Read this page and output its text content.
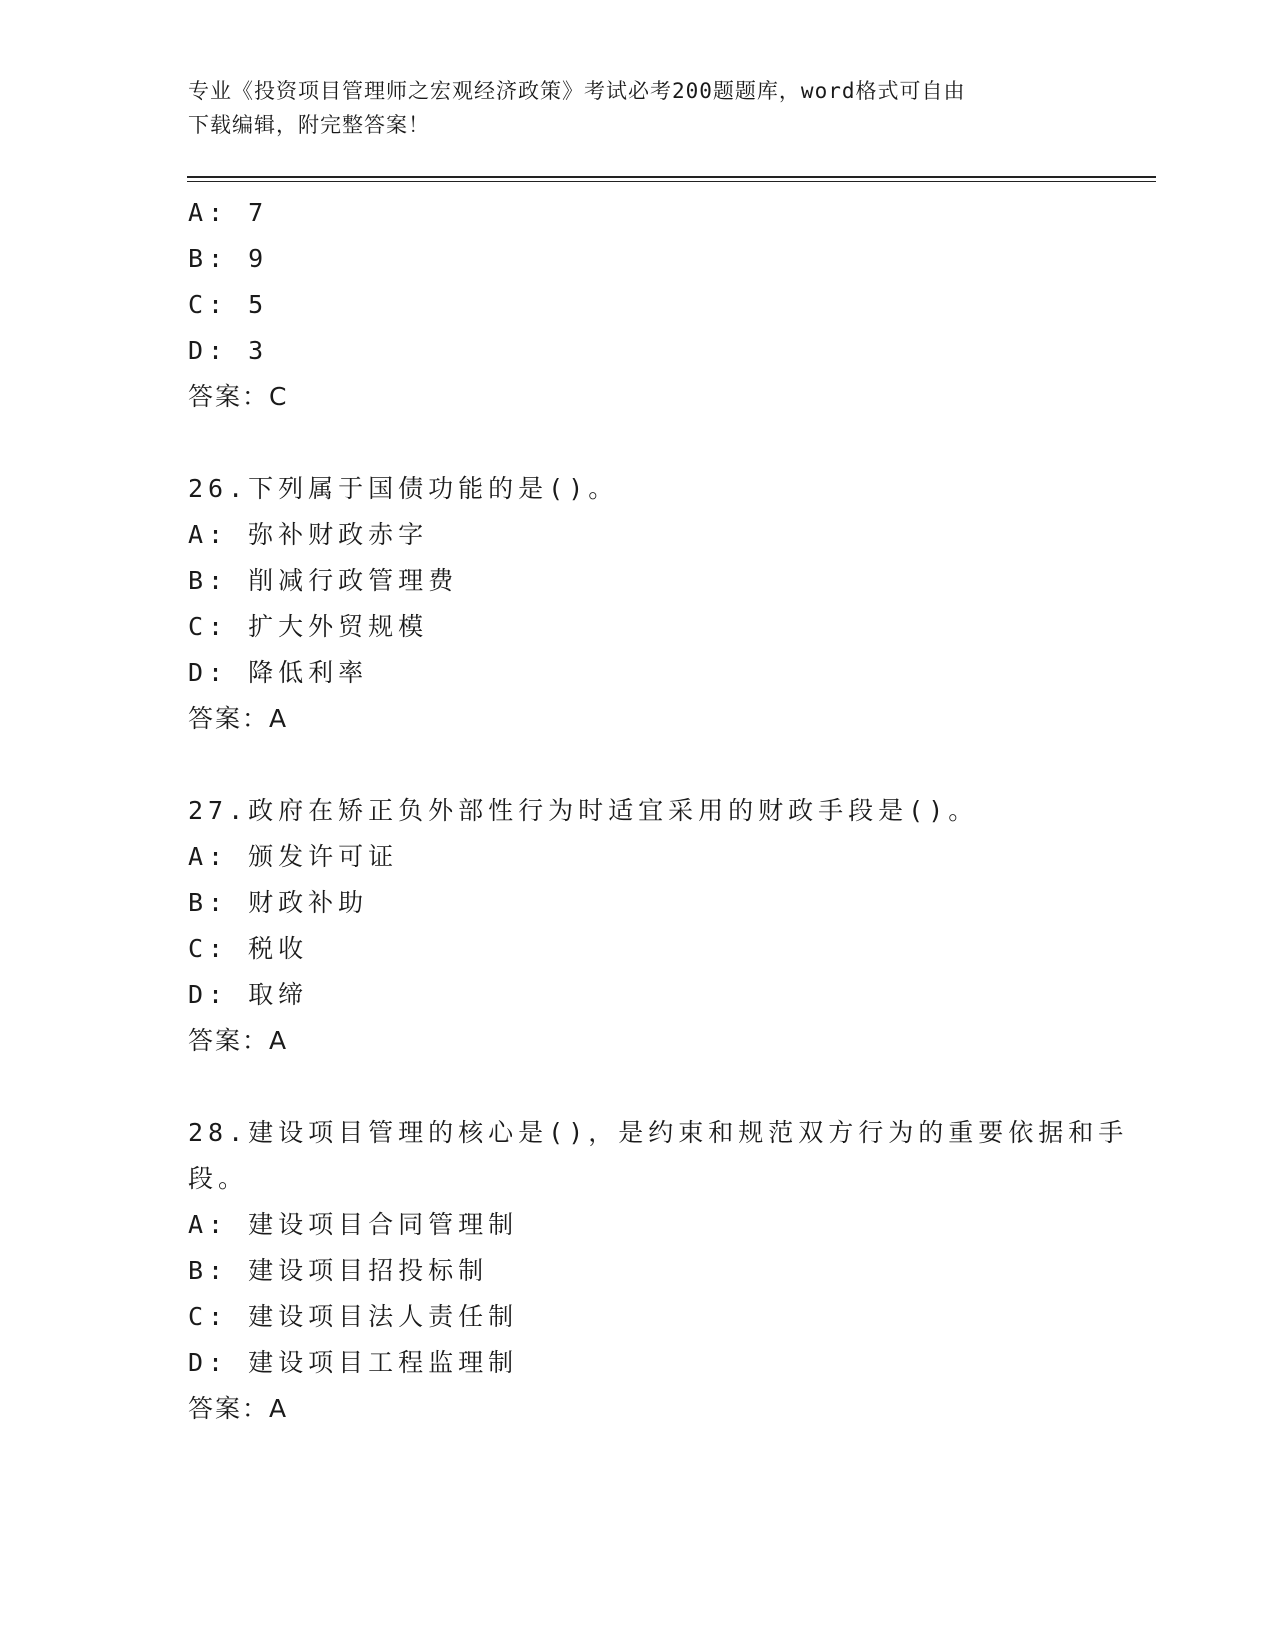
专业《投资项目管理师之宏观经济政策》考试必考200题题库，word格式可自由
下载编辑，附完整答案！
A: 7
B: 9
C: 5
D: 3
答案：C
26.下列属于国债功能的是()。
A: 弥补财政赤字
B: 削减行政管理费
C: 扩大外贸规模
D: 降低利率
答案：A
27.政府在矫正负外部性行为时适宜采用的财政手段是()。
A: 颁发许可证
B: 财政补助
C: 税收
D: 取缔
答案：A
28.建设项目管理的核心是()，是约束和规范双方行为的重要依据和手
段。
A: 建设项目合同管理制
B: 建设项目招投标制
C: 建设项目法人责任制
D: 建设项目工程监理制
答案：A
